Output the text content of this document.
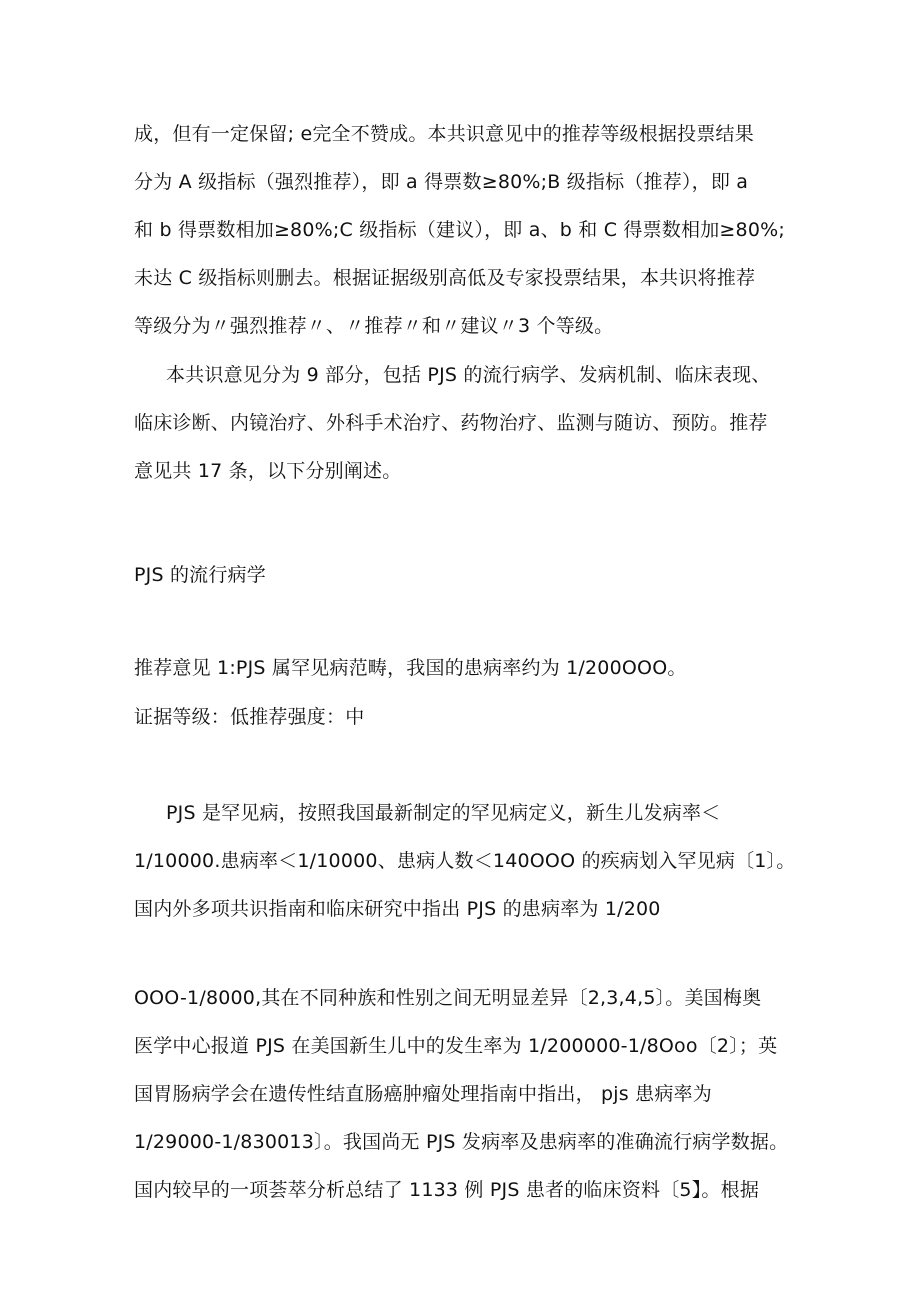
成，但有一定保留; e完全不赞成。本共识意见中的推荐等级根据投票结果

分为 A 级指标（强烈推荐），即 a 得票数≥80%;B 级指标（推荐），即 a

和 b 得票数相加≥80%;C 级指标（建议），即 a、b 和 C 得票数相加≥80%;

未达 C 级指标则删去。根据证据级别高低及专家投票结果，本共识将推荐

等级分为〃强烈推荐〃、〃推荐〃和〃建议〃3 个等级。

本共识意见分为 9 部分，包括 PJS 的流行病学、发病机制、临床表现、

临床诊断、内镜治疗、外科手术治疗、药物治疗、监测与随访、预防。推荐

意见共 17 条，以下分别阐述。

PJS 的流行病学

推荐意见 1:PJS 属罕见病范畴，我国的患病率约为 1/200OOO。

证据等级：低推荐强度：中

PJS 是罕见病，按照我国最新制定的罕见病定义，新生儿发病率＜

1/10000.患病率＜1/10000、患病人数＜140OOO 的疾病划入罕见病〔1〕。

国内外多项共识指南和临床研究中指出 PJS 的患病率为 1/200

OOO-1/8000,其在不同种族和性别之间无明显差异〔2,3,4,5〕。美国梅奥

医学中心报道 PJS 在美国新生儿中的发生率为 1/200000-1/8Ooo〔2〕；英

国胃肠病学会在遗传性结直肠癌肿瘤处理指南中指出， pjs 患病率为

1/29000-1/830013〕。我国尚无 PJS 发病率及患病率的准确流行病学数据。

国内较早的一项荟萃分析总结了 1133 例 PJS 患者的临床资料〔5】。根据
